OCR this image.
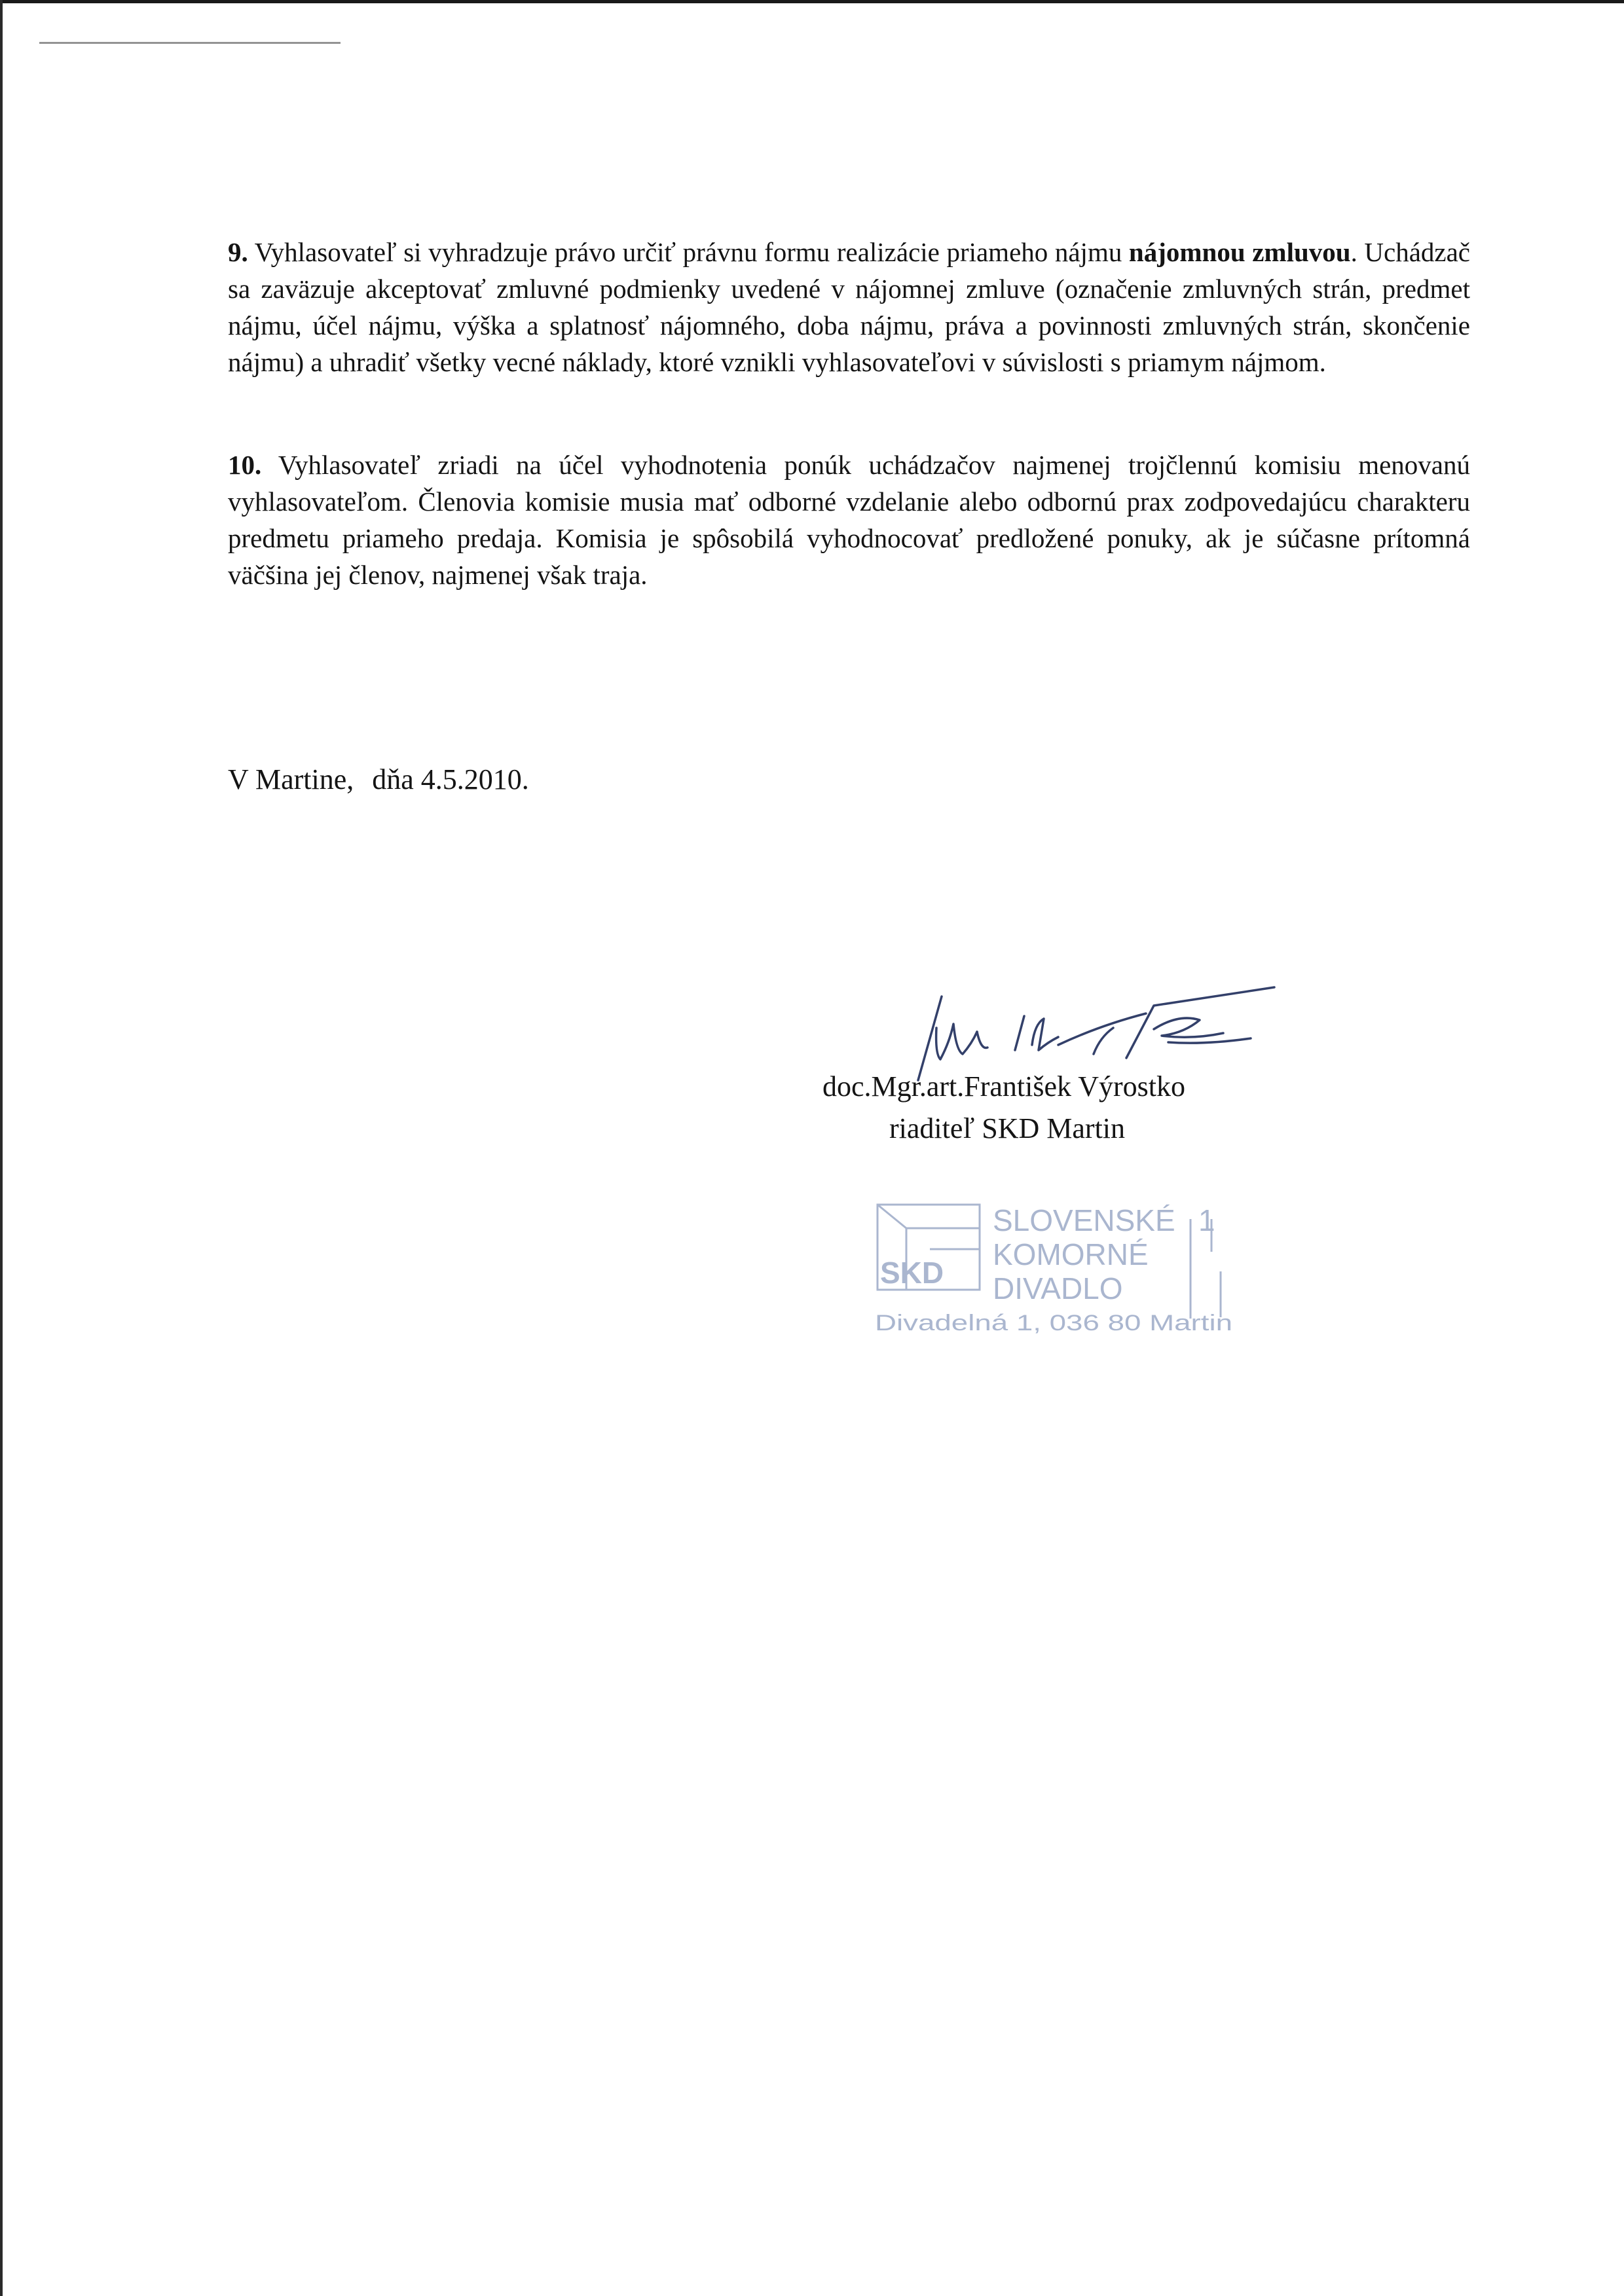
9. Vyhlasovateľ si vyhradzuje právo určiť právnu formu realizácie priameho nájmu nájomnou zmluvou. Uchádzač sa zaväzuje akceptovať zmluvné podmienky uvedené v nájomnej zmluve (označenie zmluvných strán, predmet nájmu, účel nájmu, výška a splatnosť nájomného, doba nájmu, práva a povinnosti zmluvných strán, skončenie nájmu) a uhradiť všetky vecné náklady, ktoré vznikli vyhlasovateľovi v súvislosti s priamym nájmom.

10. Vyhlasovateľ zriadi na účel vyhodnotenia ponúk uchádzačov najmenej trojčlennú komisiu menovanú vyhlasovateľom. Členovia komisie musia mať odborné vzdelanie alebo odbornú prax zodpovedajúcu charakteru predmetu priameho predaja. Komisia je spôsobilá vyhodnocovať predložené ponuky, ak je súčasne prítomná väčšina jej členov, najmenej však traja.

V Martine, dňa 4.5.2010.
doc.Mgr.art.František Výrostko
riaditeľ SKD Martin
SKD
SLOVENSKÉ
KOMORNÉ
DIVADLO
1
Divadelná 1, 036 80 Martin
